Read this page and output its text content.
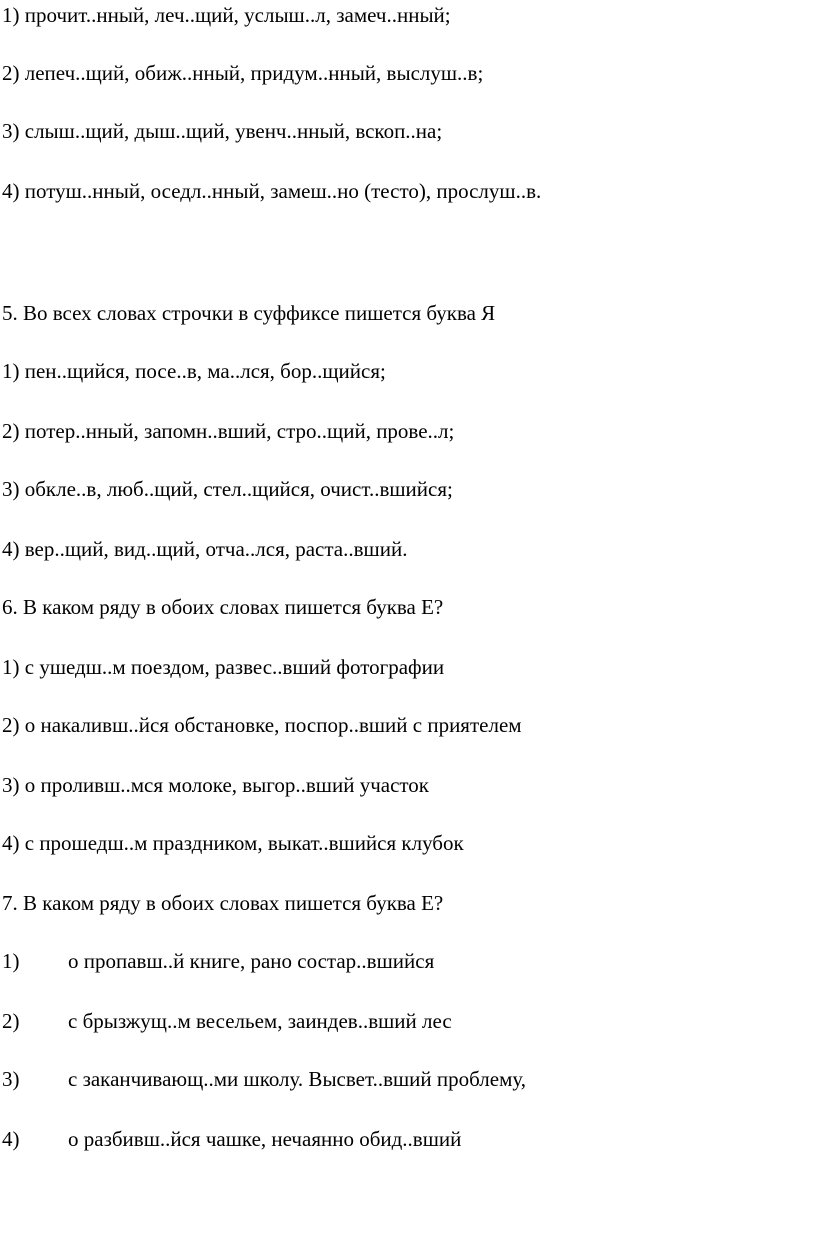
1) прочит..нный, леч..щий, услыш..л, замеч..нный;
2) лепеч..щий, обиж..нный, придум..нный, выслуш..в;
3) слыш..щий, дыш..щий, увенч..нный, вскоп..на;
4) потуш..нный, оседл..нный, замеш..но (тесто), прослуш..в.
5. Во всех словах строчки в суффиксе пишется буква Я
1) пен..щийся, посе..в, ма..лся, бор..щийся;
2) потер..нный, запомн..вший, стро..щий, прове..л;
3) обкле..в, люб..щий, стел..щийся, очист..вшийся;
4) вер..щий, вид..щий, отча..лся, раста..вший.
6. В каком ряду в обоих словах пишется буква Е?
1) с ушедш..м поездом, развес..вший фотографии
2) о накаливш..йся обстановке, поспор..вший с приятелем
3) о проливш..мся молоке, выгор..вший участок
4) с прошедш..м праздником, выкат..вшийся клубок
7. В каком ряду в обоих словах пишется буква Е?
1) о пропавш..й книге, рано состар..вшийся
2) с брызжущ..м весельем, заиндев..вший лес
3) с заканчивающ..ми школу. Высвет..вший проблему,
4) о разбивш..йся чашке, нечаянно обид..вший
